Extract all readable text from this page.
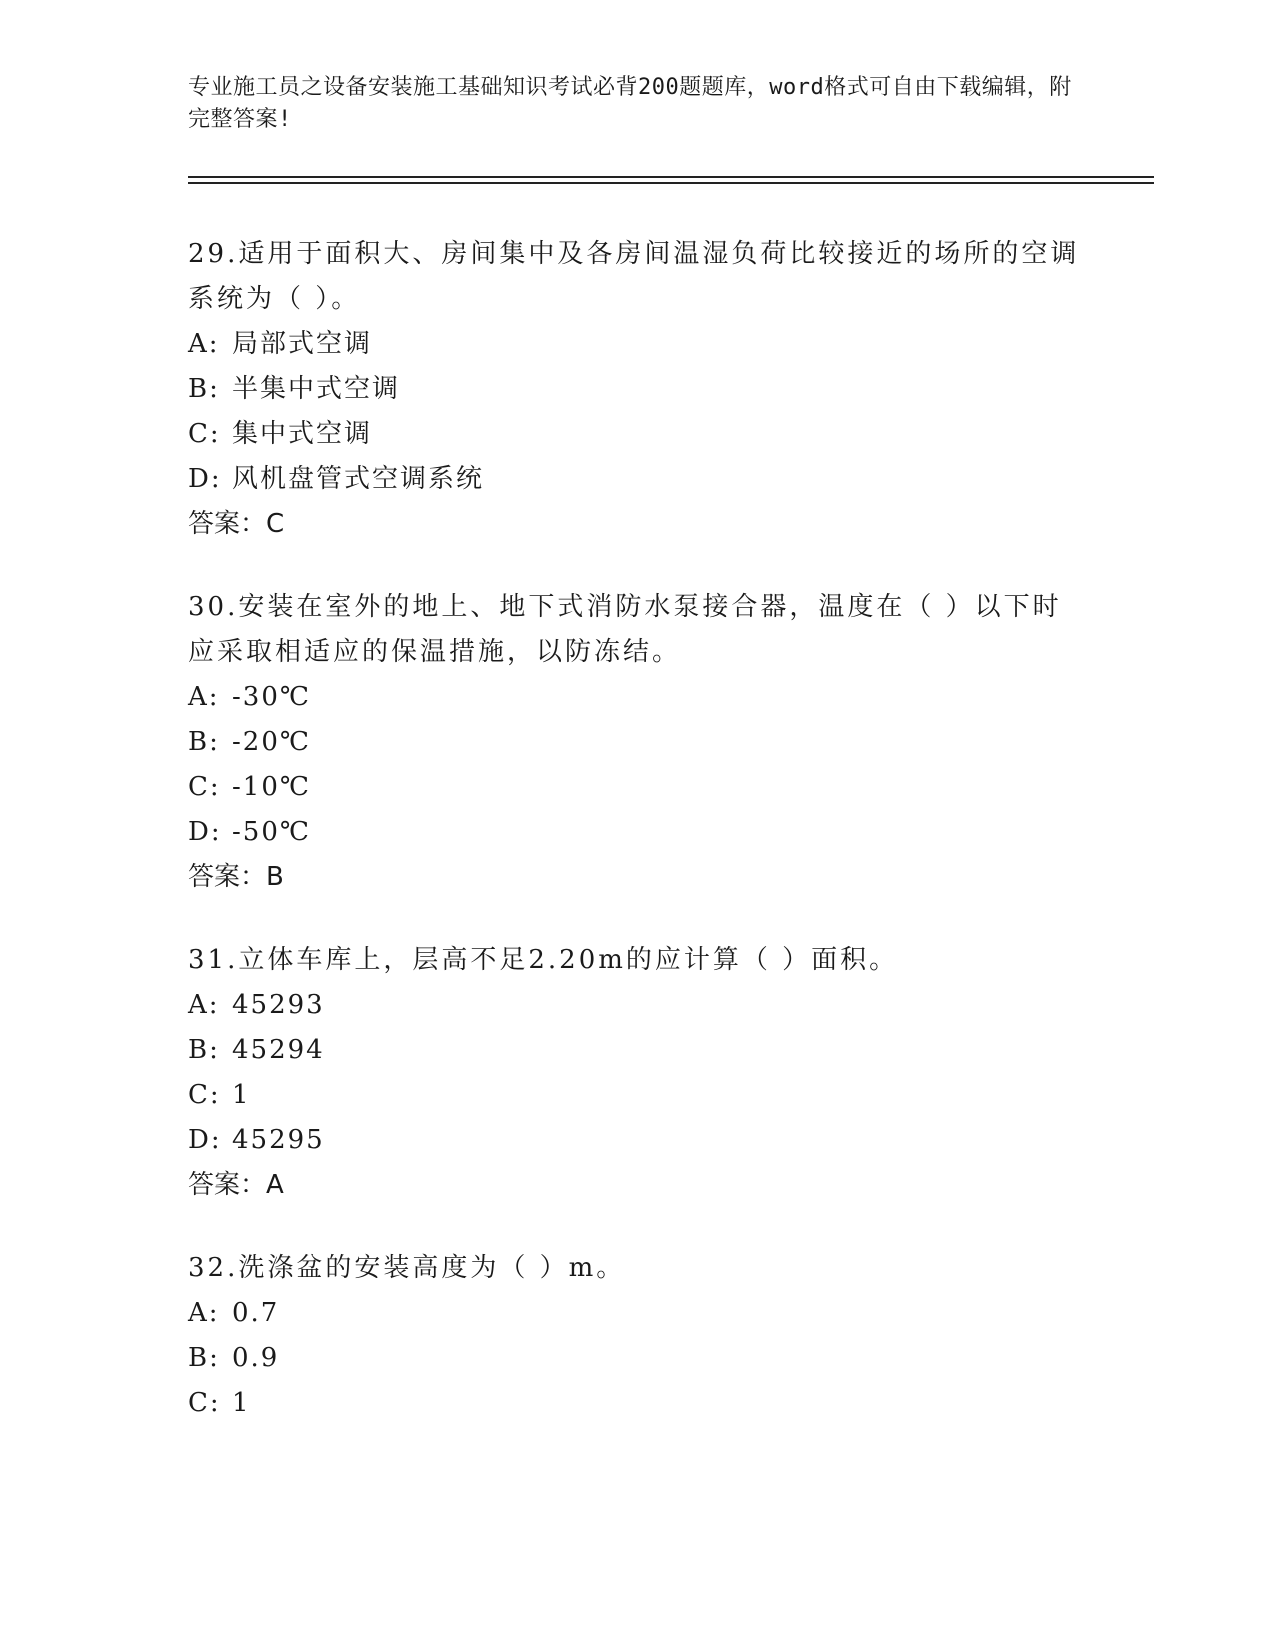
专业施工员之设备安装施工基础知识考试必背200题题库，word格式可自由下载编辑，附完整答案!

29.适用于面积大、房间集中及各房间温湿负荷比较接近的场所的空调系统为（ ）。

A: 局部式空调

B: 半集中式空调

C: 集中式空调

D: 风机盘管式空调系统

答案：C

30.安装在室外的地上、地下式消防水泵接合器，温度在（ ）以下时应采取相适应的保温措施，以防冻结。

A: -30℃

B: -20℃

C: -10℃

D: -50℃

答案：B

31.立体车库上，层高不足2.20m的应计算（ ）面积。

A: 45293

B: 45294

C: 1

D: 45295

答案：A

32.洗涤盆的安装高度为（ ）m。

A: 0.7

B: 0.9

C: 1
